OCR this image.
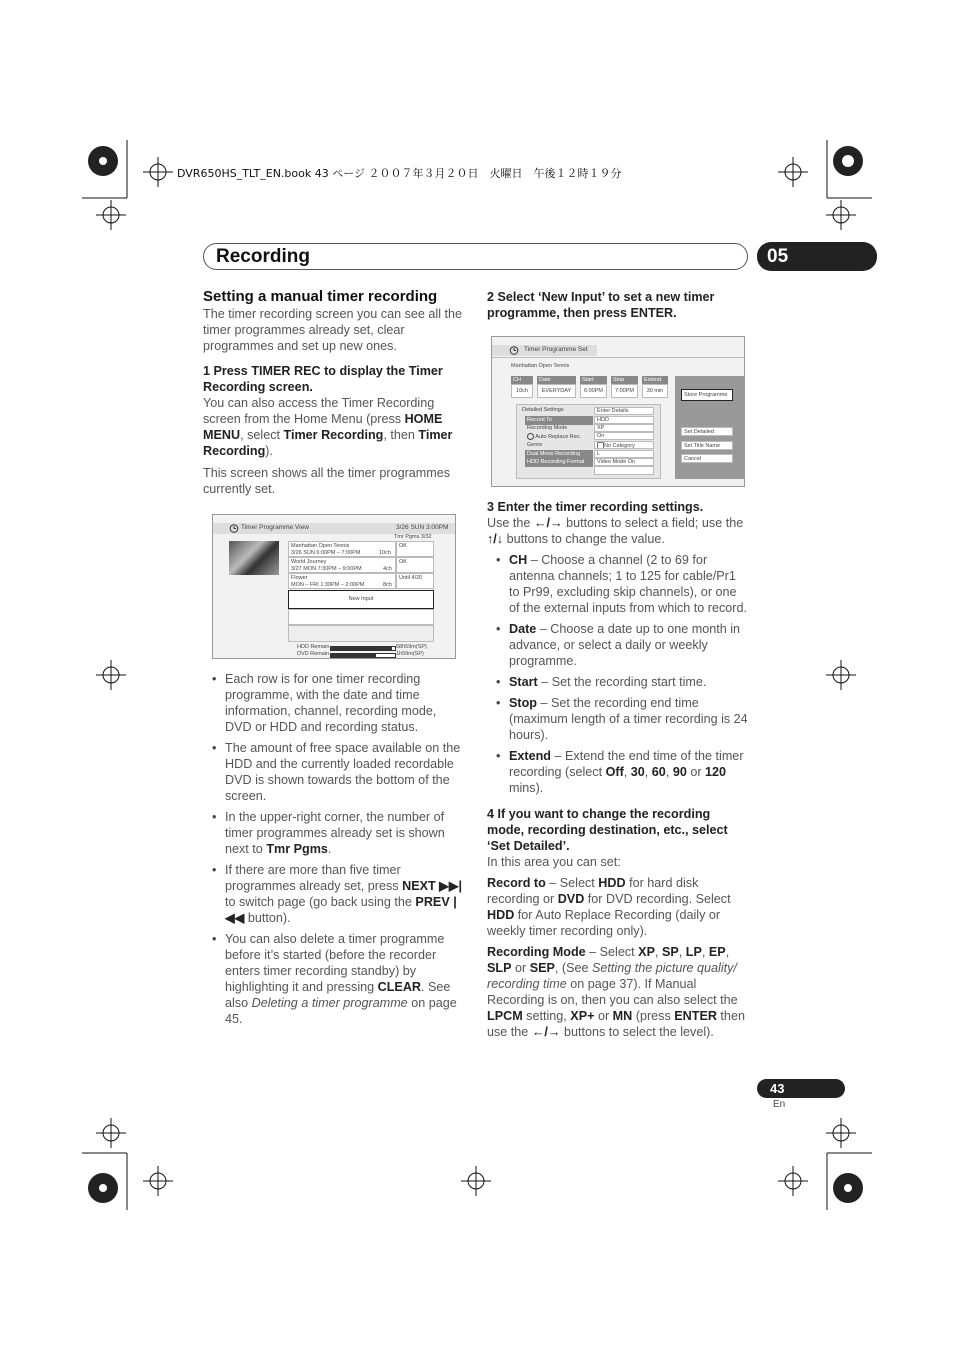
DVR650HS_TLT_EN.book 43 ページ ２００７年３月２０日　火曜日　午後１２時１９分
Recording	05

Setting a manual timer recording

The timer recording screen you can see all the timer programmes already set, clear programmes and set up new ones.

1 Press TIMER REC to display the Timer Recording screen.

You can also access the Timer Recording screen from the Home Menu (press HOME MENU, select Timer Recording, then Timer Recording).

This screen shows all the timer programmes currently set.

Timer Programme View	3/26 SUN 3:00PM
Tmr Pgms 3/32
Manhattan Open Tennis
3/26 SUN 6:00PM – 7:00PM	10ch
OK
World Journey
3/27 MON 7:30PM – 9:00PM	4ch
OK
Flower
MON – FRI 1:30PM – 2:00PM	8ch
Until 4/20
New Input
HDD Remain	58h59m(SP)
DVD Remain	1h59m(SP)
• Each row is for one timer recording programme, with the date and time information, channel, recording mode, DVD or HDD and recording status.
• The amount of free space available on the HDD and the currently loaded recordable DVD is shown towards the bottom of the screen.
• In the upper-right corner, the number of timer programmes already set is shown next to Tmr Pgms.
• If there are more than five timer programmes already set, press NEXT ▶▶| to switch page (go back using the PREV |◀◀ button).
• You can also delete a timer programme before it’s started (before the recorder enters timer recording standby) by highlighting it and pressing CLEAR. See also Deleting a timer programme on page 45.

2 Select ‘New Input’ to set a new timer programme, then press ENTER.

Timer Programme Set
Manhattan Open Tennis
CH	Date	Start	Stop	Extend
10ch	EVERYDAY	6:00PM	7:00PM	30 min
Detailed Settings	Enter Details
Record To	HDD
Recording Mode	XP
Auto Replace Rec.	On
Genre	No Category
Dual Mono Recording	L
HDD Recording Format	Video Mode On
Store Programme
Set Detailed
Set Title Name
Cancel

3 Enter the timer recording settings.

Use the ←/→ buttons to select a field; use the ↑/↓ buttons to change the value.

• CH – Choose a channel (2 to 69 for antenna channels; 1 to 125 for cable/Pr1 to Pr99, excluding skip channels), or one of the external inputs from which to record.
• Date – Choose a date up to one month in advance, or select a daily or weekly programme.
• Start – Set the recording start time.
• Stop – Set the recording end time (maximum length of a timer recording is 24 hours).
• Extend – Extend the end time of the timer recording (select Off, 30, 60, 90 or 120 mins).

4 If you want to change the recording mode, recording destination, etc., select ‘Set Detailed’.

In this area you can set:

Record to – Select HDD for hard disk recording or DVD for DVD recording. Select HDD for Auto Replace Recording (daily or weekly timer recording only).

Recording Mode – Select XP, SP, LP, EP, SLP or SEP, (See Setting the picture quality/ recording time on page 37). If Manual Recording is on, then you can also select the LPCM setting, XP+ or MN (press ENTER then use the ←/→ buttons to select the level).

43
En
